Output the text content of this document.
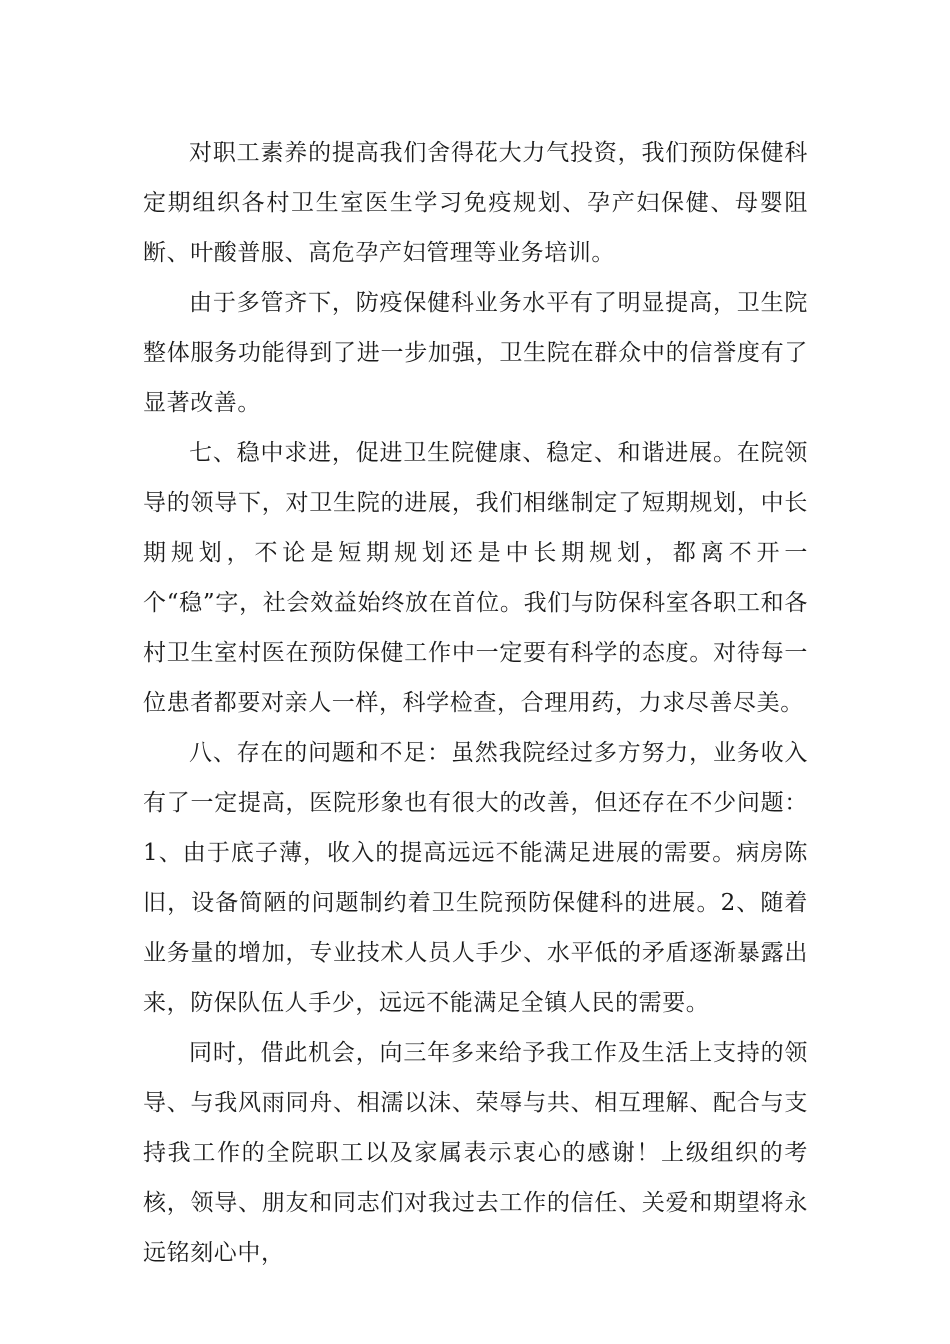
对职工素养的提高我们舍得花大力气投资，我们预防保健科定期组织各村卫生室医生学习免疫规划、孕产妇保健、母婴阻断、叶酸普服、高危孕产妇管理等业务培训。

由于多管齐下，防疫保健科业务水平有了明显提高，卫生院整体服务功能得到了进一步加强，卫生院在群众中的信誉度有了显著改善。

七、稳中求进，促进卫生院健康、稳定、和谐进展。在院领导的领导下，对卫生院的进展，我们相继制定了短期规划，中长期规划，不论是短期规划还是中长期规划，都离不开一个“稳”字，社会效益始终放在首位。我们与防保科室各职工和各村卫生室村医在预防保健工作中一定要有科学的态度。对待每一位患者都要对亲人一样，科学检查，合理用药，力求尽善尽美。

八、存在的问题和不足：虽然我院经过多方努力，业务收入有了一定提高，医院形象也有很大的改善，但还存在不少问题：1、由于底子薄，收入的提高远远不能满足进展的需要。病房陈旧，设备简陋的问题制约着卫生院预防保健科的进展。2、随着业务量的增加，专业技术人员人手少、水平低的矛盾逐渐暴露出来，防保队伍人手少，远远不能满足全镇人民的需要。

同时，借此机会，向三年多来给予我工作及生活上支持的领导、与我风雨同舟、相濡以沫、荣辱与共、相互理解、配合与支持我工作的全院职工以及家属表示衷心的感谢！上级组织的考核，领导、朋友和同志们对我过去工作的信任、关爱和期望将永远铭刻心中，
